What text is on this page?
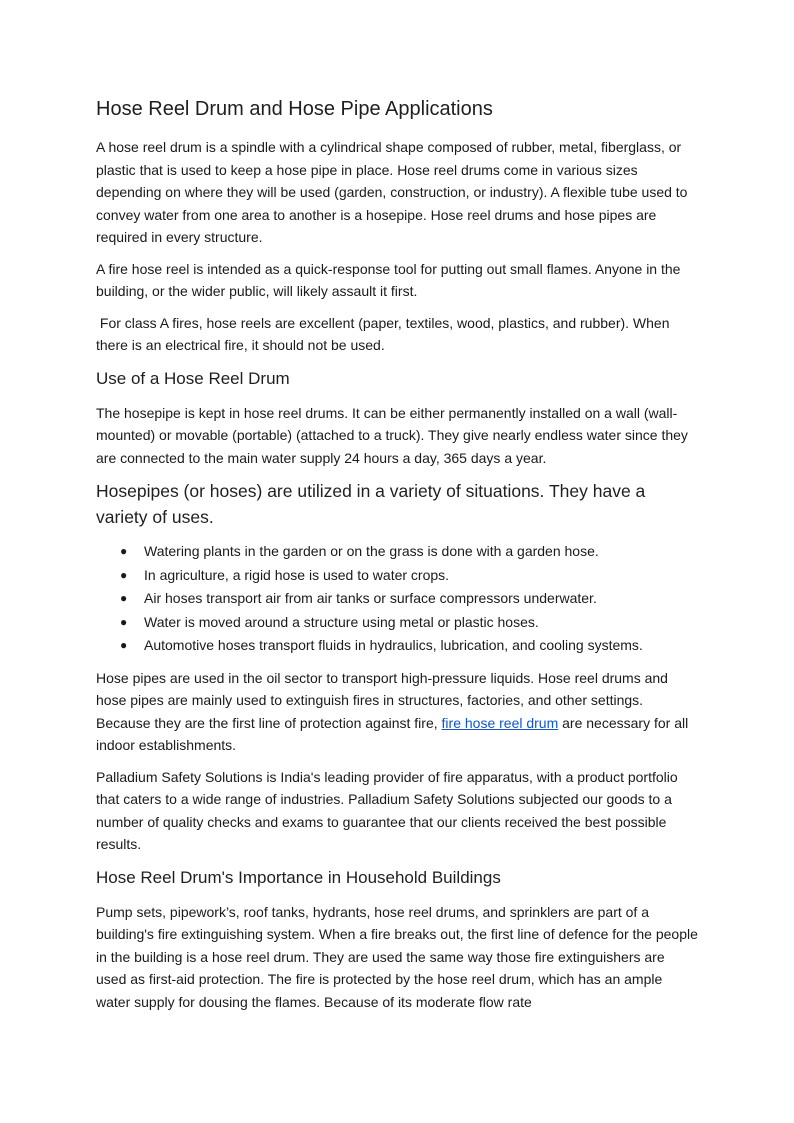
Hose Reel Drum and Hose Pipe Applications

A hose reel drum is a spindle with a cylindrical shape composed of rubber, metal, fiberglass, or plastic that is used to keep a hose pipe in place. Hose reel drums come in various sizes depending on where they will be used (garden, construction, or industry). A flexible tube used to convey water from one area to another is a hosepipe. Hose reel drums and hose pipes are required in every structure.

A fire hose reel is intended as a quick-response tool for putting out small flames. Anyone in the building, or the wider public, will likely assault it first.

For class A fires, hose reels are excellent (paper, textiles, wood, plastics, and rubber). When there is an electrical fire, it should not be used.

Use of a Hose Reel Drum

The hosepipe is kept in hose reel drums. It can be either permanently installed on a wall (wall-mounted) or movable (portable) (attached to a truck). They give nearly endless water since they are connected to the main water supply 24 hours a day, 365 days a year.

Hosepipes (or hoses) are utilized in a variety of situations. They have a variety of uses.
● Watering plants in the garden or on the grass is done with a garden hose.
● In agriculture, a rigid hose is used to water crops.
● Air hoses transport air from air tanks or surface compressors underwater.
● Water is moved around a structure using metal or plastic hoses.
● Automotive hoses transport fluids in hydraulics, lubrication, and cooling systems.

Hose pipes are used in the oil sector to transport high-pressure liquids. Hose reel drums and hose pipes are mainly used to extinguish fires in structures, factories, and other settings. Because they are the first line of protection against fire, fire hose reel drum are necessary for all indoor establishments.

Palladium Safety Solutions is India's leading provider of fire apparatus, with a product portfolio that caters to a wide range of industries. Palladium Safety Solutions subjected our goods to a number of quality checks and exams to guarantee that our clients received the best possible results.

Hose Reel Drum's Importance in Household Buildings

Pump sets, pipework’s, roof tanks, hydrants, hose reel drums, and sprinklers are part of a building's fire extinguishing system. When a fire breaks out, the first line of defence for the people in the building is a hose reel drum. They are used the same way those fire extinguishers are used as first-aid protection. The fire is protected by the hose reel drum, which has an ample water supply for dousing the flames. Because of its moderate flow rate
